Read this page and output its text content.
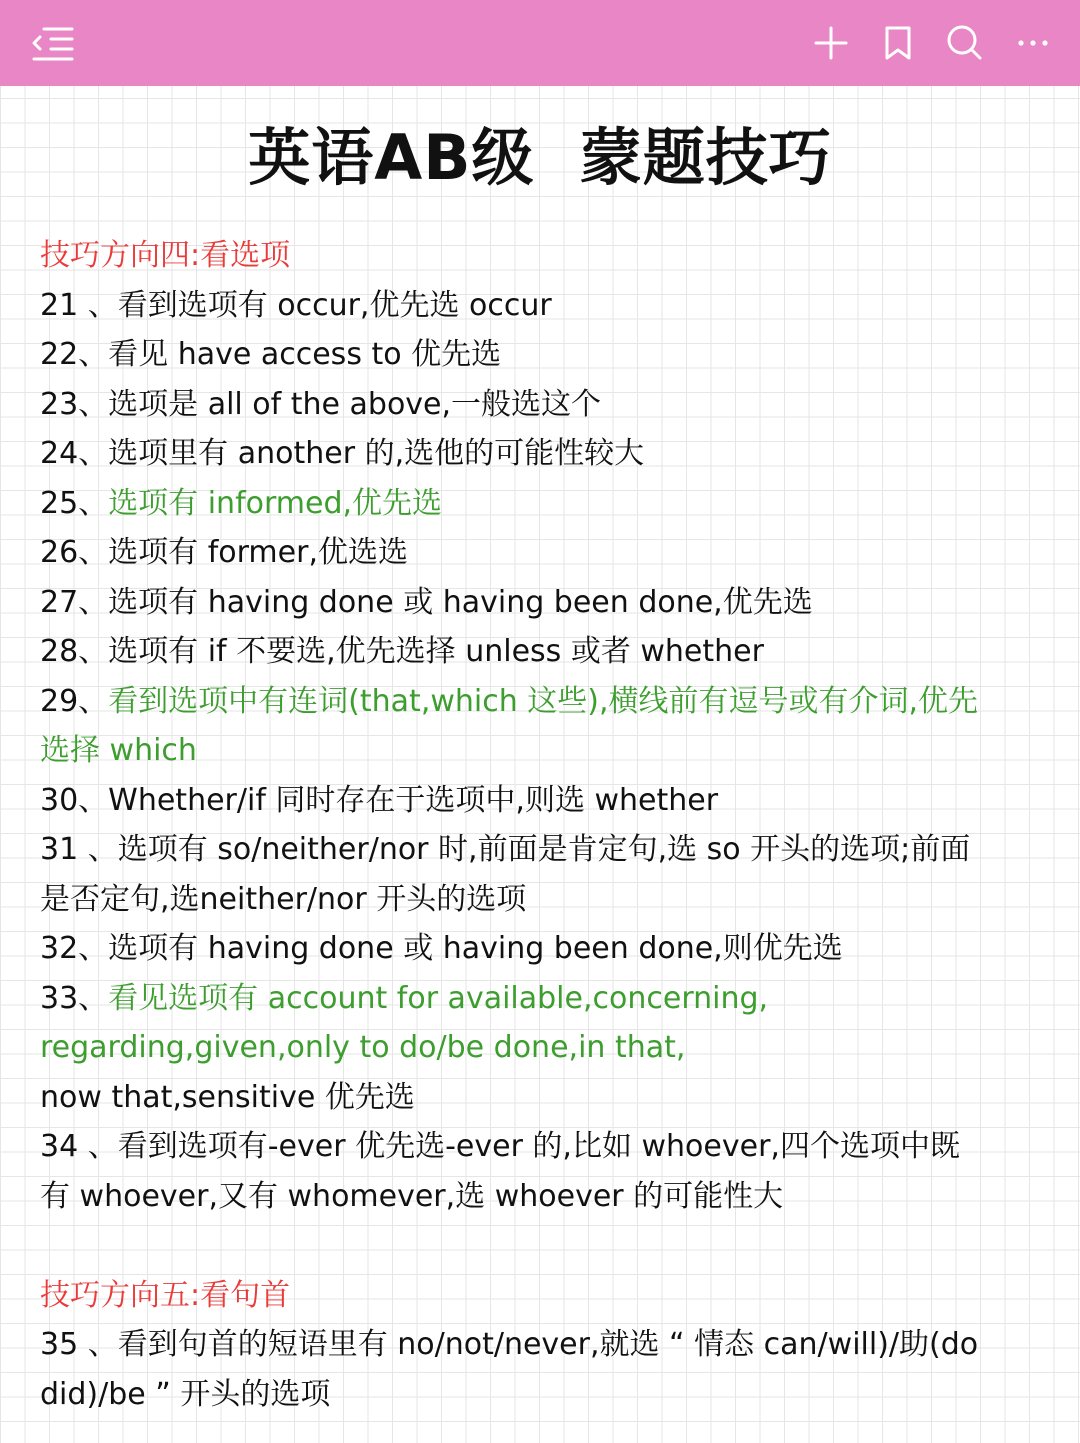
英语AB级  蒙题技巧
技巧方向四:看选项
21 、看到选项有 occur,优先选 occur
22、看见 have access to 优先选
23、选项是 all of the above,一般选这个
24、选项里有 another 的,选他的可能性较大
25、选项有 informed,优先选
26、选项有 former,优选选
27、选项有 having done 或 having been done,优先选
28、选项有 if 不要选,优先选择 unless 或者 whether
29、看到选项中有连词(that,which 这些),横线前有逗号或有介词,优先
选择 which
30、Whether/if 同时存在于选项中,则选 whether
31 、选项有 so/neither/nor 时,前面是肯定句,选 so 开头的选项;前面
是否定句,选neither/nor 开头的选项
32、选项有 having done 或 having been done,则优先选
33、看见选项有 account for available,concerning,
regarding,given,only to do/be done,in that,
now that,sensitive 优先选
34 、看到选项有-ever 优先选-ever 的,比如 whoever,四个选项中既
有 whoever,又有 whomever,选 whoever 的可能性大
技巧方向五:看句首
35 、看到句首的短语里有 no/not/never,就选 “ 情态 can/will)/助(do
did)/be ” 开头的选项
